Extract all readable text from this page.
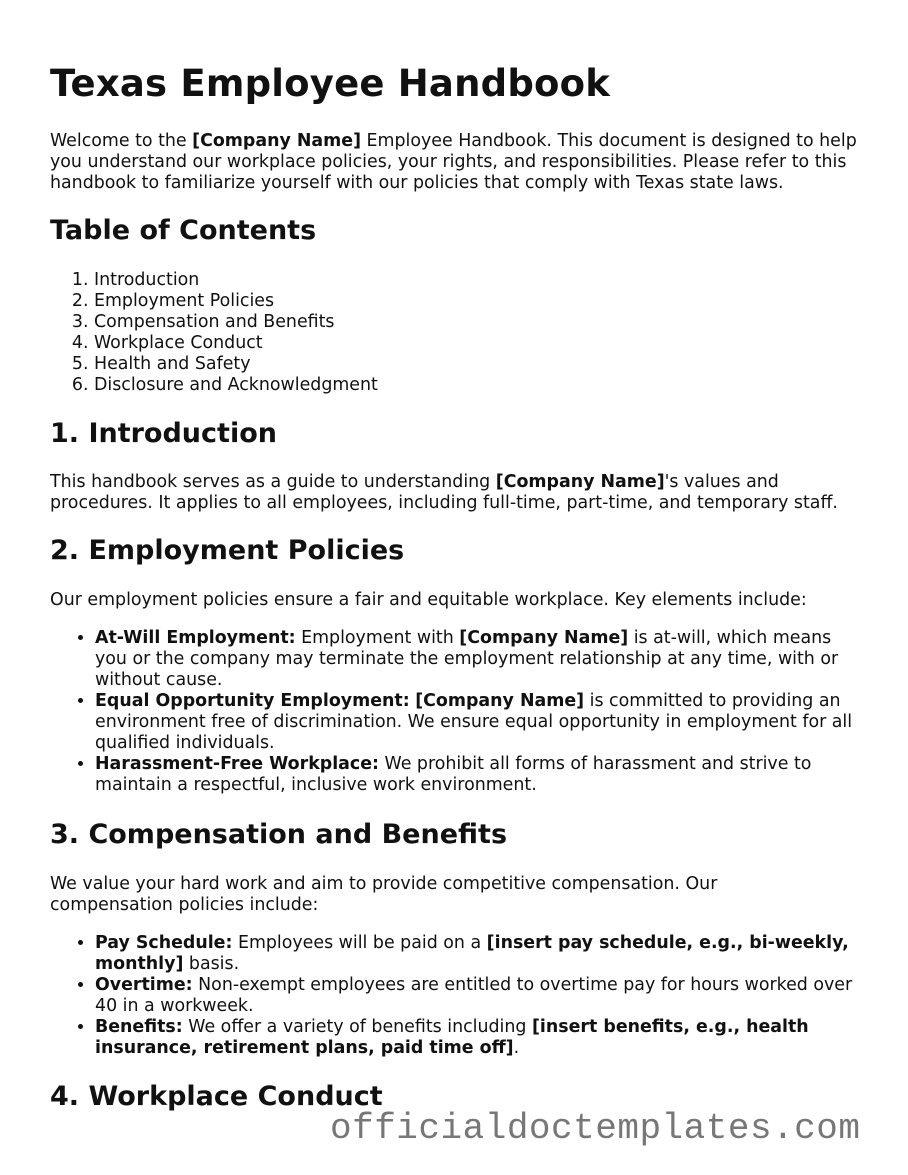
Texas Employee Handbook

Welcome to the [Company Name] Employee Handbook. This document is designed to help you understand our workplace policies, your rights, and responsibilities. Please refer to this handbook to familiarize yourself with our policies that comply with Texas state laws.

Table of Contents
1. Introduction
2. Employment Policies
3. Compensation and Benefits
4. Workplace Conduct
5. Health and Safety
6. Disclosure and Acknowledgment
1. Introduction

This handbook serves as a guide to understanding [Company Name]'s values and procedures. It applies to all employees, including full-time, part-time, and temporary staff.

2. Employment Policies

Our employment policies ensure a fair and equitable workplace. Key elements include:

• At-Will Employment: Employment with [Company Name] is at-will, which means you or the company may terminate the employment relationship at any time, with or without cause.
• Equal Opportunity Employment: [Company Name] is committed to providing an environment free of discrimination. We ensure equal opportunity in employment for all qualified individuals.
• Harassment-Free Workplace: We prohibit all forms of harassment and strive to maintain a respectful, inclusive work environment.
3. Compensation and Benefits

We value your hard work and aim to provide competitive compensation. Our compensation policies include:

• Pay Schedule: Employees will be paid on a [insert pay schedule, e.g., bi-weekly, monthly] basis.
• Overtime: Non-exempt employees are entitled to overtime pay for hours worked over 40 in a workweek.
• Benefits: We offer a variety of benefits including [insert benefits, e.g., health insurance, retirement plans, paid time off].
4. Workplace Conduct
officialdoctemplates.com
